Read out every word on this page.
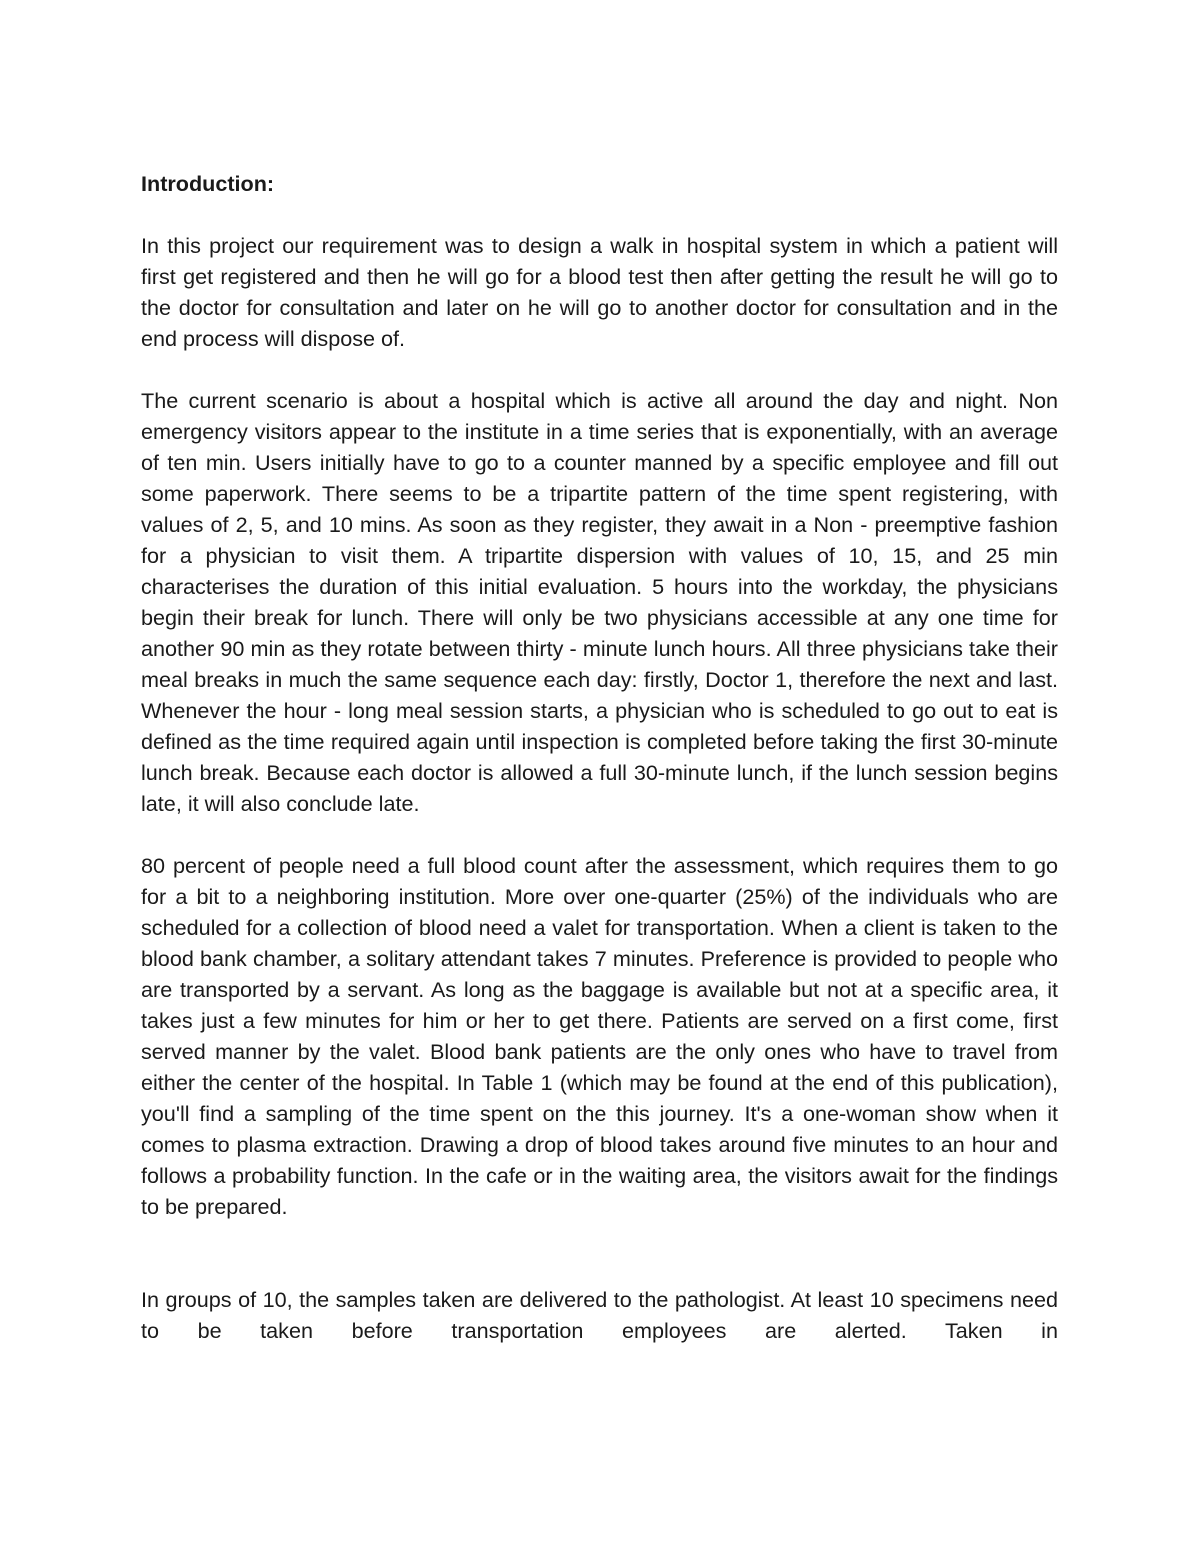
Introduction:

In this project our requirement was to design a walk in hospital system in which a patient will first get registered and then he will go for a blood test then after getting the result he will go to the doctor for consultation and later on he will go to another doctor for consultation and in the end process will dispose of.

The current scenario is about a hospital which is active all around the day and night. Non emergency visitors appear to the institute in a time series that is exponentially, with an average of ten min. Users initially have to go to a counter manned by a specific employee and fill out some paperwork. There seems to be a tripartite pattern of the time spent registering, with values of 2, 5, and 10 mins. As soon as they register, they await in a Non - preemptive fashion for a physician to visit them. A tripartite dispersion with values of 10, 15, and 25 min characterises the duration of this initial evaluation. 5 hours into the workday, the physicians begin their break for lunch. There will only be two physicians accessible at any one time for another 90 min as they rotate between thirty - minute lunch hours. All three physicians take their meal breaks in much the same sequence each day: firstly, Doctor 1, therefore the next and last. Whenever the hour - long meal session starts, a physician who is scheduled to go out to eat is defined as the time required again until inspection is completed before taking the first 30-minute lunch break. Because each doctor is allowed a full 30-minute lunch, if the lunch session begins late, it will also conclude late.

80 percent of people need a full blood count after the assessment, which requires them to go for a bit to a neighboring institution. More over one-quarter (25%) of the individuals who are scheduled for a collection of blood need a valet for transportation. When a client is taken to the blood bank chamber, a solitary attendant takes 7 minutes. Preference is provided to people who are transported by a servant. As long as the baggage is available but not at a specific area, it takes just a few minutes for him or her to get there. Patients are served on a first come, first served manner by the valet. Blood bank patients are the only ones who have to travel from either the center of the hospital. In Table 1 (which may be found at the end of this publication), you'll find a sampling of the time spent on the this journey. It's a one-woman show when it comes to plasma extraction. Drawing a drop of blood takes around five minutes to an hour and follows a probability function. In the cafe or in the waiting area, the visitors await for the findings to be prepared.

In groups of 10, the samples taken are delivered to the pathologist. At least 10 specimens need to be taken before transportation employees are alerted. Taken in
